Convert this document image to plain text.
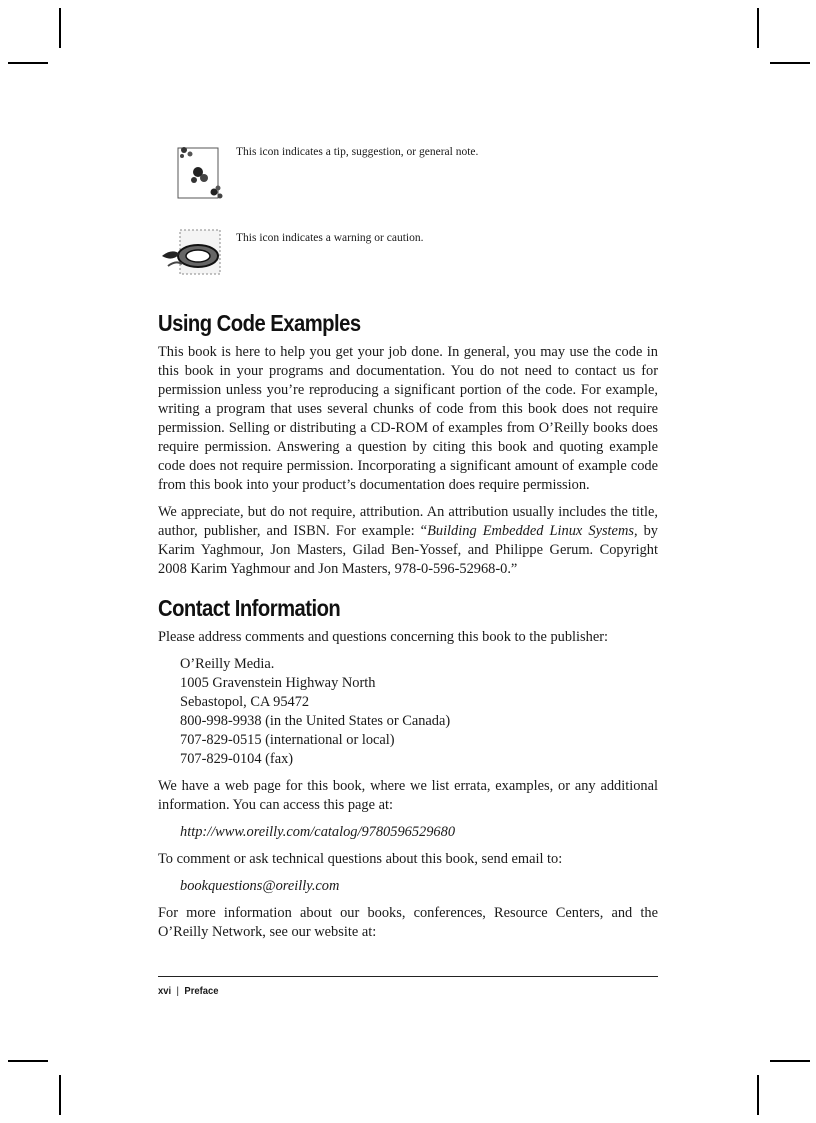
This icon indicates a tip, suggestion, or general note.
This icon indicates a warning or caution.
Using Code Examples

This book is here to help you get your job done. In general, you may use the code in this book in your programs and documentation. You do not need to contact us for permission unless you’re reproducing a significant portion of the code. For example, writing a program that uses several chunks of code from this book does not require permission. Selling or distributing a CD-ROM of examples from O’Reilly books does require permission. Answering a question by citing this book and quoting example code does not require permission. Incorporating a significant amount of example code from this book into your product’s documentation does require permission.

We appreciate, but do not require, attribution. An attribution usually includes the title, author, publisher, and ISBN. For example: “Building Embedded Linux Systems, by Karim Yaghmour, Jon Masters, Gilad Ben-Yossef, and Philippe Gerum. Copyright 2008 Karim Yaghmour and Jon Masters, 978-0-596-52968-0.”

Contact Information

Please address comments and questions concerning this book to the publisher:

O’Reilly Media.
1005 Gravenstein Highway North
Sebastopol, CA 95472
800-998-9938 (in the United States or Canada)
707-829-0515 (international or local)
707-829-0104 (fax)

We have a web page for this book, where we list errata, examples, or any additional information. You can access this page at:

http://www.oreilly.com/catalog/9780596529680

To comment or ask technical questions about this book, send email to:

bookquestions@oreilly.com

For more information about our books, conferences, Resource Centers, and the O’Reilly Network, see our website at:

xvi | Preface
